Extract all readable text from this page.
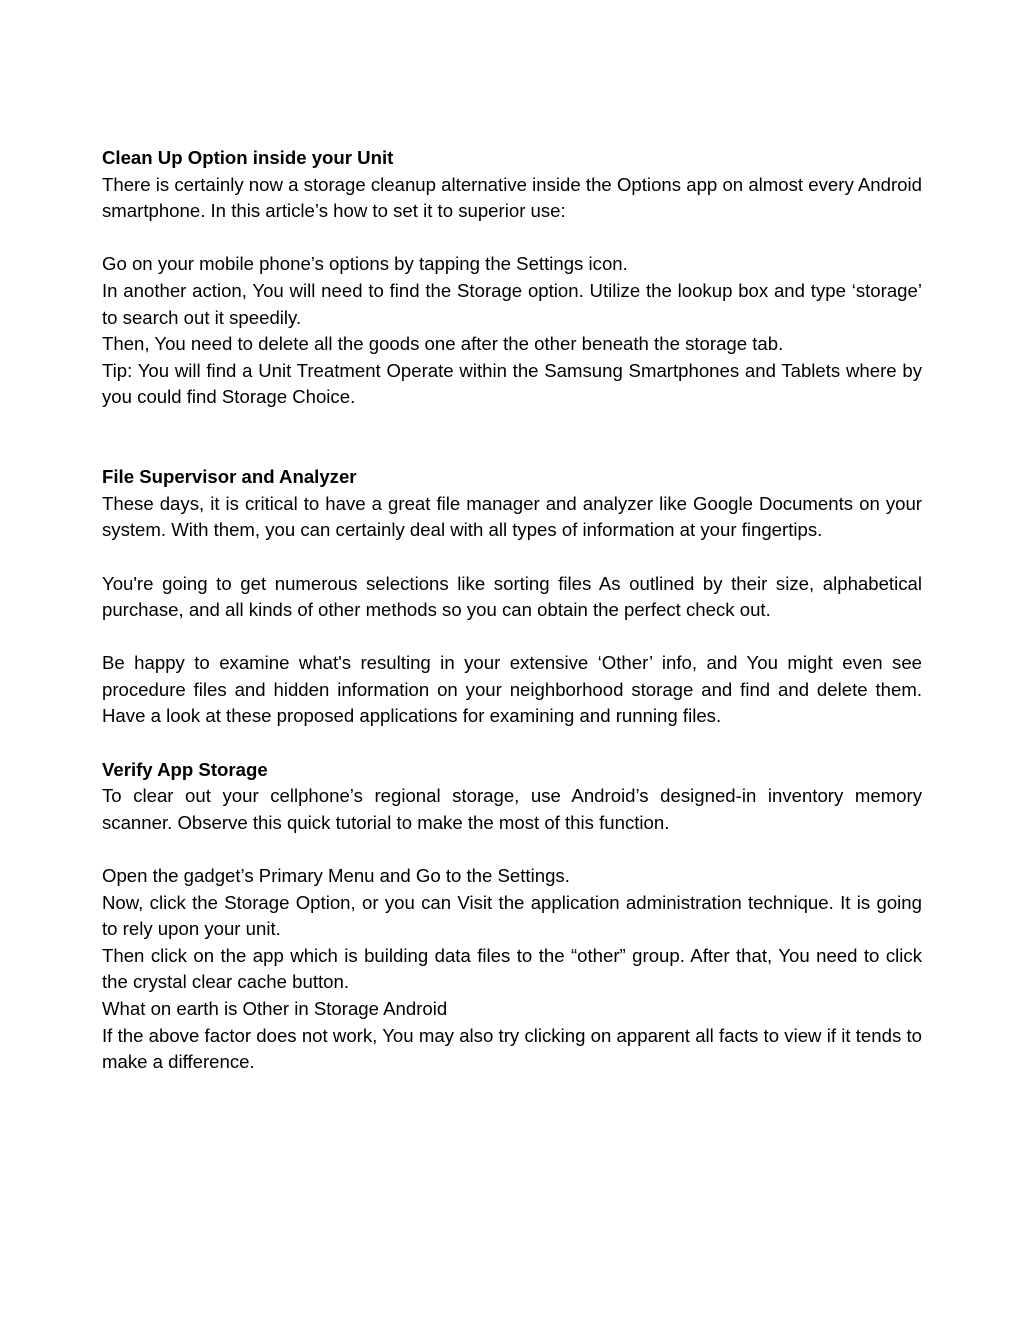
Clean Up Option inside your Unit

There is certainly now a storage cleanup alternative inside the Options app on almost every Android smartphone. In this article’s how to set it to superior use:

Go on your mobile phone’s options by tapping the Settings icon.

In another action, You will need to find the Storage option. Utilize the lookup box and type ‘storage’ to search out it speedily.

Then, You need to delete all the goods one after the other beneath the storage tab.

Tip: You will find a Unit Treatment Operate within the Samsung Smartphones and Tablets where by you could find Storage Choice.

File Supervisor and Analyzer

These days, it is critical to have a great file manager and analyzer like Google Documents on your system. With them, you can certainly deal with all types of information at your fingertips.

You're going to get numerous selections like sorting files As outlined by their size, alphabetical purchase, and all kinds of other methods so you can obtain the perfect check out.

Be happy to examine what's resulting in your extensive ‘Other’ info, and You might even see procedure files and hidden information on your neighborhood storage and find and delete them. Have a look at these proposed applications for examining and running files.

Verify App Storage

To clear out your cellphone’s regional storage, use Android’s designed-in inventory memory scanner. Observe this quick tutorial to make the most of this function.

Open the gadget’s Primary Menu and Go to the Settings.

Now, click the Storage Option, or you can Visit the application administration technique. It is going to rely upon your unit.

Then click on the app which is building data files to the “other” group. After that, You need to click the crystal clear cache button.

What on earth is Other in Storage Android

If the above factor does not work, You may also try clicking on apparent all facts to view if it tends to make a difference.
